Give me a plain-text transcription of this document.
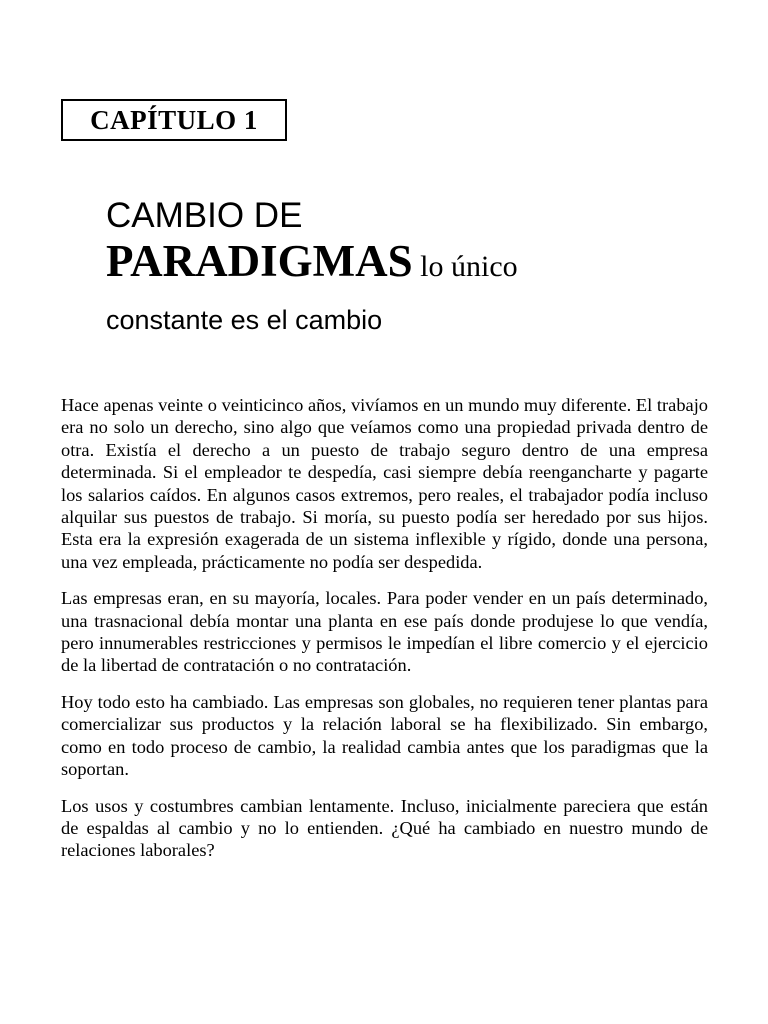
CAPÍTULO 1
CAMBIO DE
PARADIGMAS lo único
constante es el cambio

Hace apenas veinte o veinticinco años, vivíamos en un mundo muy diferente. El trabajo era no solo un derecho, sino algo que veíamos como una propiedad privada dentro de otra. Existía el derecho a un puesto de trabajo seguro dentro de una empresa determinada. Si el empleador te despedía, casi siempre debía reengancharte y pagarte los salarios caídos. En algunos casos extremos, pero reales, el trabajador podía incluso alquilar sus puestos de trabajo. Si moría, su puesto podía ser heredado por sus hijos. Esta era la expresión exagerada de un sistema inflexible y rígido, donde una persona, una vez empleada, prácticamente no podía ser despedida.

Las empresas eran, en su mayoría, locales. Para poder vender en un país determinado, una trasnacional debía montar una planta en ese país donde produjese lo que vendía, pero innumerables restricciones y permisos le impedían el libre comercio y el ejercicio de la libertad de contratación o no contratación.

Hoy todo esto ha cambiado. Las empresas son globales, no requieren tener plantas para comercializar sus productos y la relación laboral se ha flexibilizado. Sin embargo, como en todo proceso de cambio, la realidad cambia antes que los paradigmas que la soportan.

Los usos y costumbres cambian lentamente. Incluso, inicialmente pareciera que están de espaldas al cambio y no lo entienden. ¿Qué ha cambiado en nuestro mundo de relaciones laborales?
